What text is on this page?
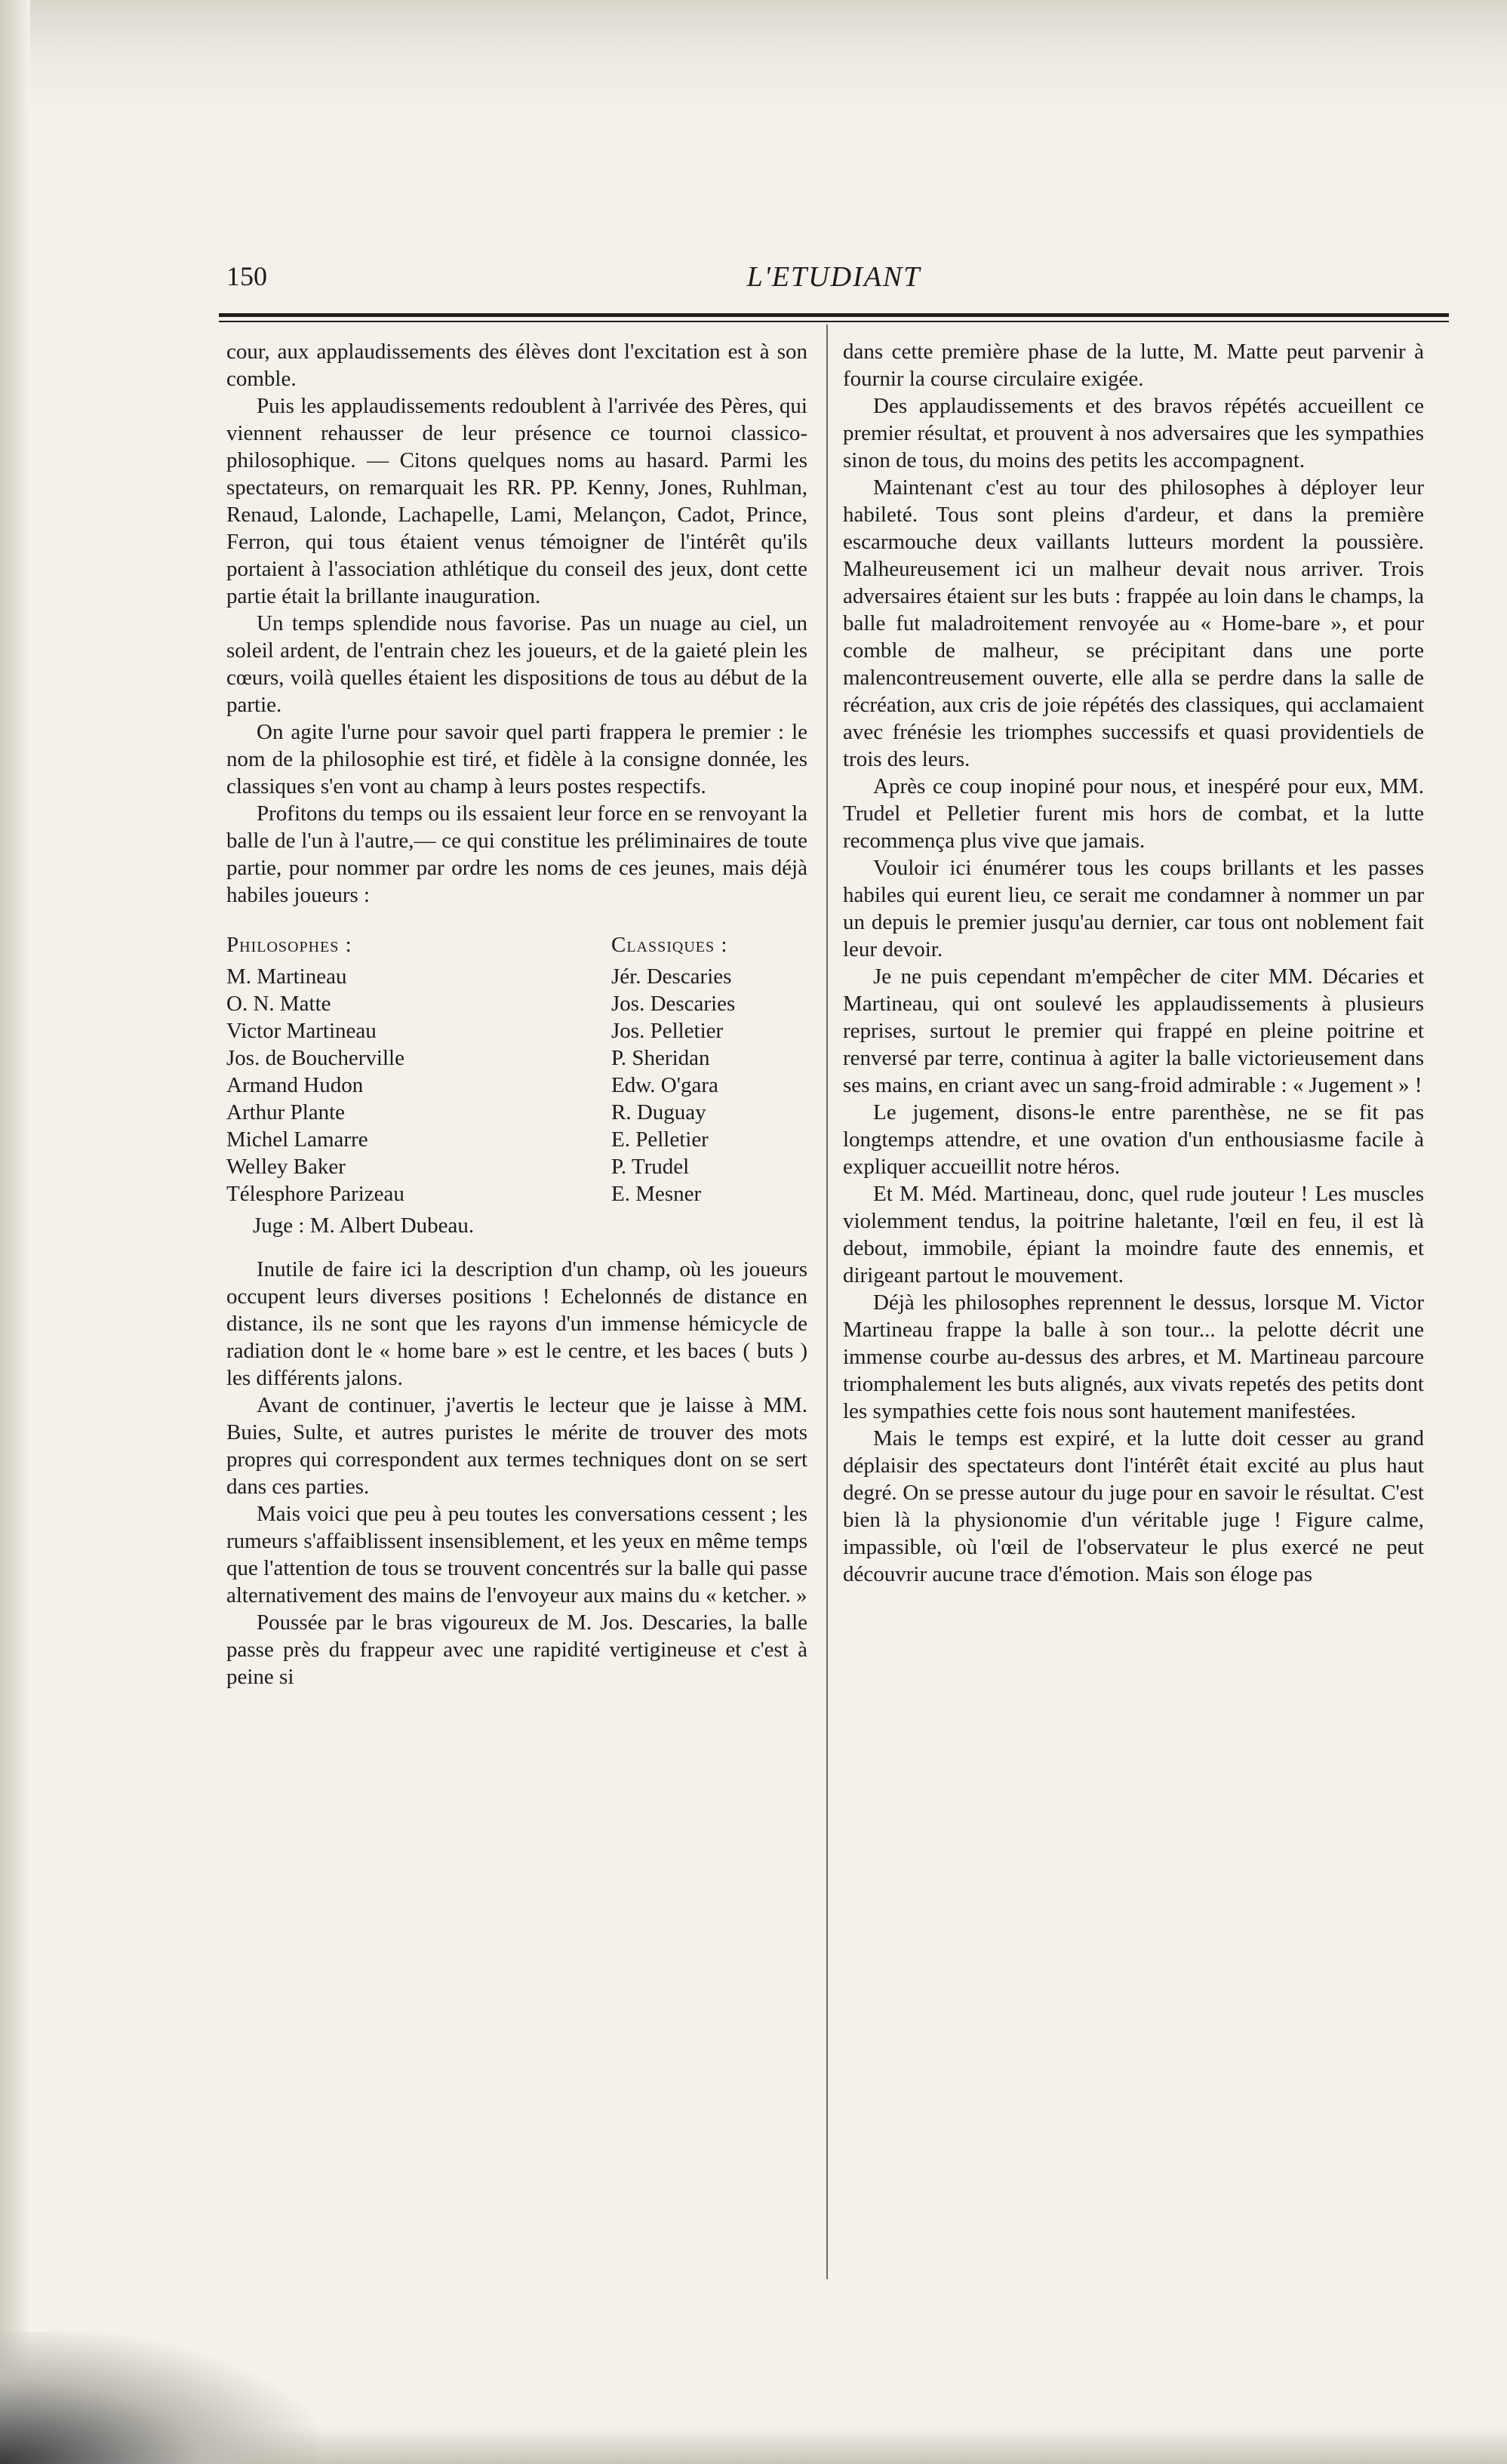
150	L'ETUDIANT

cour, aux applaudissements des élèves dont l'excitation est à son comble.

Puis les applaudissements redoublent à l'arrivée des Pères, qui viennent rehausser de leur présence ce tournoi classico-philosophique. — Citons quelques noms au hasard. Parmi les spectateurs, on remarquait les RR. PP. Kenny, Jones, Ruhlman, Renaud, Lalonde, Lachapelle, Lami, Melançon, Cadot, Prince, Ferron, qui tous étaient venus témoigner de l'intérêt qu'ils portaient à l'association athlétique du conseil des jeux, dont cette partie était la brillante inauguration.

Un temps splendide nous favorise. Pas un nuage au ciel, un soleil ardent, de l'entrain chez les joueurs, et de la gaieté plein les cœurs, voilà quelles étaient les dispositions de tous au début de la partie.

On agite l'urne pour savoir quel parti frappera le premier : le nom de la philosophie est tiré, et fidèle à la consigne donnée, les classiques s'en vont au champ à leurs postes respectifs.

Profitons du temps ou ils essaient leur force en se renvoyant la balle de l'un à l'autre,— ce qui constitue les préliminaires de toute partie, pour nommer par ordre les noms de ces jeunes, mais déjà habiles joueurs :

Philosophes :
M. Martineau
O. N. Matte
Victor Martineau
Jos. de Boucherville
Armand Hudon
Arthur Plante
Michel Lamarre
Welley Baker
Télesphore Parizeau
Classiques :
Jér. Descaries
Jos. Descaries
Jos. Pelletier
P. Sheridan
Edw. O'gara
R. Duguay
E. Pelletier
P. Trudel
E. Mesner
Juge : M. Albert Dubeau.

Inutile de faire ici la description d'un champ, où les joueurs occupent leurs diverses positions ! Echelonnés de distance en distance, ils ne sont que les rayons d'un immense hémicycle de radiation dont le « home bare » est le centre, et les baces ( buts ) les différents jalons.

Avant de continuer, j'avertis le lecteur que je laisse à MM. Buies, Sulte, et autres puristes le mérite de trouver des mots propres qui correspondent aux termes techniques dont on se sert dans ces parties.

Mais voici que peu à peu toutes les conversations cessent ; les rumeurs s'affaiblissent insensiblement, et les yeux en même temps que l'attention de tous se trouvent concentrés sur la balle qui passe alternativement des mains de l'envoyeur aux mains du « ketcher. »

Poussée par le bras vigoureux de M. Jos. Descaries, la balle passe près du frappeur avec une rapidité vertigineuse et c'est à peine si

dans cette première phase de la lutte, M. Matte peut parvenir à fournir la course circulaire exigée.

Des applaudissements et des bravos répétés accueillent ce premier résultat, et prouvent à nos adversaires que les sympathies sinon de tous, du moins des petits les accompagnent.

Maintenant c'est au tour des philosophes à déployer leur habileté. Tous sont pleins d'ardeur, et dans la première escarmouche deux vaillants lutteurs mordent la poussière. Malheureusement ici un malheur devait nous arriver. Trois adversaires étaient sur les buts : frappée au loin dans le champs, la balle fut maladroitement renvoyée au « Home-bare », et pour comble de malheur, se précipitant dans une porte malencontreusement ouverte, elle alla se perdre dans la salle de récréation, aux cris de joie répétés des classiques, qui acclamaient avec frénésie les triomphes successifs et quasi providentiels de trois des leurs.

Après ce coup inopiné pour nous, et inespéré pour eux, MM. Trudel et Pelletier furent mis hors de combat, et la lutte recommença plus vive que jamais.

Vouloir ici énumérer tous les coups brillants et les passes habiles qui eurent lieu, ce serait me condamner à nommer un par un depuis le premier jusqu'au dernier, car tous ont noblement fait leur devoir.

Je ne puis cependant m'empêcher de citer MM. Décaries et Martineau, qui ont soulevé les applaudissements à plusieurs reprises, surtout le premier qui frappé en pleine poitrine et renversé par terre, continua à agiter la balle victorieusement dans ses mains, en criant avec un sang-froid admirable : « Jugement » !

Le jugement, disons-le entre parenthèse, ne se fit pas longtemps attendre, et une ovation d'un enthousiasme facile à expliquer accueillit notre héros.

Et M. Méd. Martineau, donc, quel rude jouteur ! Les muscles violemment tendus, la poitrine haletante, l'œil en feu, il est là debout, immobile, épiant la moindre faute des ennemis, et dirigeant partout le mouvement.

Déjà les philosophes reprennent le dessus, lorsque M. Victor Martineau frappe la balle à son tour... la pelotte décrit une immense courbe au-dessus des arbres, et M. Martineau parcoure triomphalement les buts alignés, aux vivats repetés des petits dont les sympathies cette fois nous sont hautement manifestées.

Mais le temps est expiré, et la lutte doit cesser au grand déplaisir des spectateurs dont l'intérêt était excité au plus haut degré. On se presse autour du juge pour en savoir le résultat. C'est bien là la physionomie d'un véritable juge ! Figure calme, impassible, où l'œil de l'observateur le plus exercé ne peut découvrir aucune trace d'émotion. Mais son éloge pas
